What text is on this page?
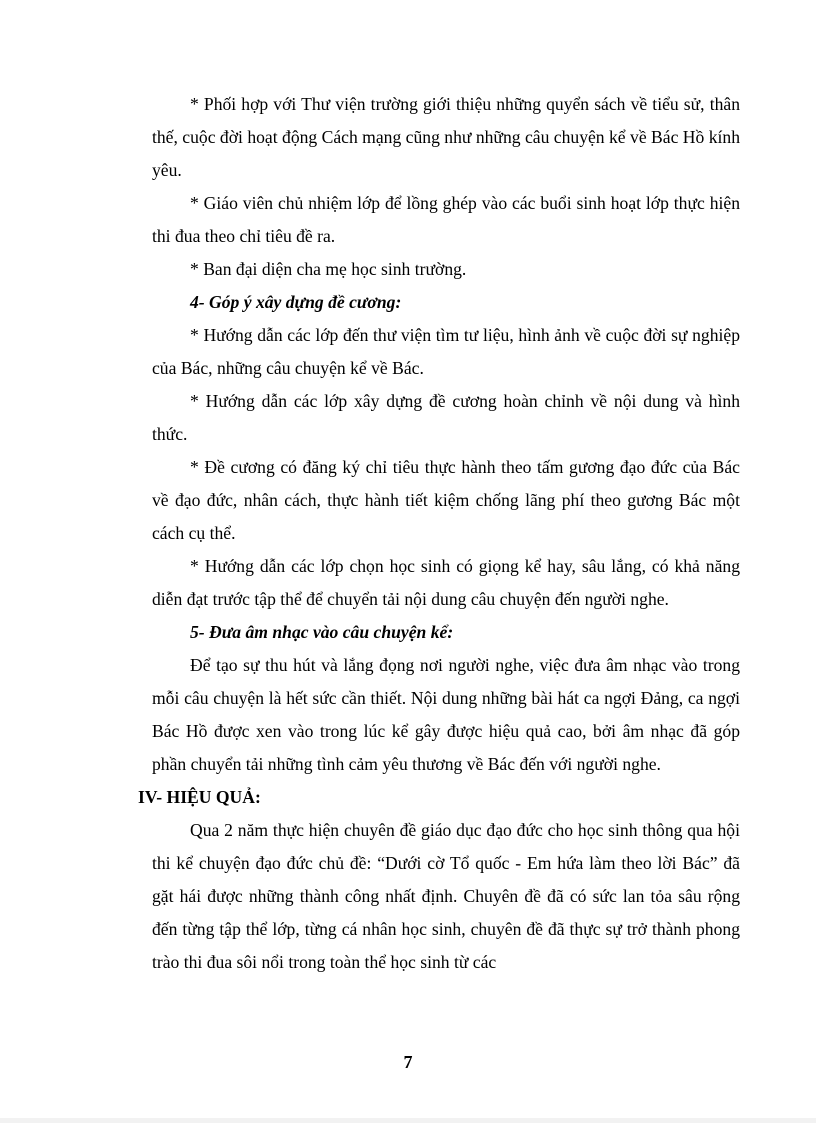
* Phối hợp với Thư viện trường giới thiệu những quyển sách về tiểu sử, thân thế, cuộc đời hoạt động Cách mạng cũng như những câu chuyện kể về Bác Hồ kính yêu.

* Giáo viên chủ nhiệm lớp để lồng ghép vào các buổi sinh hoạt lớp thực hiện thi đua theo chỉ tiêu đề ra.

* Ban đại diện cha mẹ học sinh trường.

4- Góp ý xây dựng đề cương:

* Hướng dẫn các lớp đến thư viện tìm tư liệu, hình ảnh về cuộc đời sự nghiệp của Bác, những câu chuyện kể về Bác.

* Hướng dẫn các lớp xây dựng đề cương hoàn chỉnh về nội dung và hình thức.

* Đề cương có đăng ký chỉ tiêu thực hành theo tấm gương đạo đức của Bác về đạo đức, nhân cách, thực hành tiết kiệm chống lãng phí theo gương Bác một cách cụ thể.

* Hướng dẫn các lớp chọn học sinh có giọng kể hay, sâu lắng, có khả năng diễn đạt trước tập thể để chuyển tải nội dung câu chuyện đến người nghe.

5- Đưa âm nhạc vào câu chuyện kể:

Để tạo sự thu hút và lắng đọng nơi người nghe, việc đưa âm nhạc vào trong mỗi câu chuyện là hết sức cần thiết. Nội dung những bài hát ca ngợi Đảng, ca ngợi Bác Hồ được xen vào trong lúc kể gây được hiệu quả cao, bởi âm nhạc đã góp phần chuyển tải những tình cảm yêu thương về Bác đến với người nghe.

IV- HIỆU QUẢ:

Qua 2 năm thực hiện chuyên đề giáo dục đạo đức cho học sinh thông qua hội thi kể chuyện đạo đức chủ đề: “Dưới cờ Tổ quốc - Em hứa làm theo lời Bác” đã gặt hái được những thành công nhất định. Chuyên đề đã có sức lan tỏa sâu rộng đến từng tập thể lớp, từng cá nhân học sinh, chuyên đề đã thực sự trở thành phong trào thi đua sôi nổi trong toàn thể học sinh từ các

7
